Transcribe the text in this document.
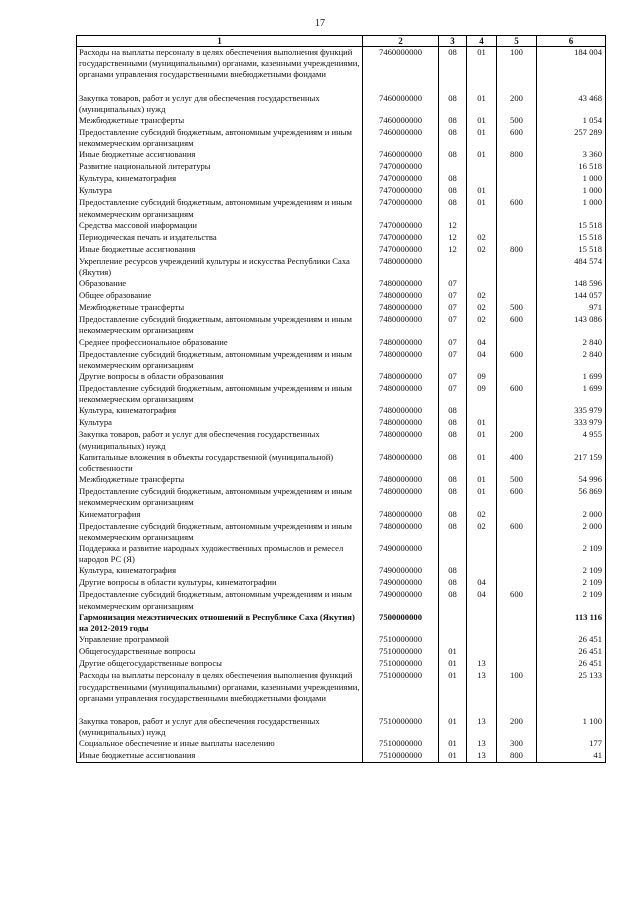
17
1	2	3	4	5	6
Расходы на выплаты персоналу в целях обеспечения выполнения функций государственными (муниципальными) органами, казенными учреждениями, органами управления государственными внебюджетными фондами	7460000000	08	01	100	184 004

Закупка товаров, работ и услуг для обеспечения государственных (муниципальных) нужд	7460000000	08	01	200	43 468
Межбюджетные трансферты	7460000000	08	01	500	1 054
Предоставление субсидий бюджетным, автономным учреждениям и иным некоммерческим организациям	7460000000	08	01	600	257 289
Иные бюджетные ассигнования	7460000000	08	01	800	3 360
Развитие национальной литературы	7470000000				16 518
Культура, кинематография	7470000000	08			1 000
Культура	7470000000	08	01		1 000
Предоставление субсидий бюджетным, автономным учреждениям и иным некоммерческим организациям	7470000000	08	01	600	1 000
Средства массовой информации	7470000000	12			15 518
Периодическая печать и издательства	7470000000	12	02		15 518
Иные бюджетные ассигнования	7470000000	12	02	800	15 518
Укрепление ресурсов учреждений культуры и искусства Республики Саха (Якутия)	7480000000				484 574
Образование	7480000000	07			148 596
Общее образование	7480000000	07	02		144 057
Межбюджетные трансферты	7480000000	07	02	500	971
Предоставление субсидий бюджетным, автономным учреждениям и иным некоммерческим организациям	7480000000	07	02	600	143 086
Среднее профессиональное образование	7480000000	07	04		2 840
Предоставление субсидий бюджетным, автономным учреждениям и иным некоммерческим организациям	7480000000	07	04	600	2 840
Другие вопросы в области образования	7480000000	07	09		1 699
Предоставление субсидий бюджетным, автономным учреждениям и иным некоммерческим организациям	7480000000	07	09	600	1 699
Культура, кинематография	7480000000	08			335 979
Культура	7480000000	08	01		333 979
Закупка товаров, работ и услуг для обеспечения государственных (муниципальных) нужд	7480000000	08	01	200	4 955
Капитальные вложения в объекты государственной (муниципальной) собственности	7480000000	08	01	400	217 159
Межбюджетные трансферты	7480000000	08	01	500	54 996
Предоставление субсидий бюджетным, автономным учреждениям и иным некоммерческим организациям	7480000000	08	01	600	56 869
Кинематография	7480000000	08	02		2 000
Предоставление субсидий бюджетным, автономным учреждениям и иным некоммерческим организациям	7480000000	08	02	600	2 000
Поддержка и развитие народных художественных промыслов и ремесел народов РС (Я)	7490000000				2 109
Культура, кинематография	7490000000	08			2 109
Другие вопросы в области культуры, кинематографии	7490000000	08	04		2 109
Предоставление субсидий бюджетным, автономным учреждениям и иным некоммерческим организациям	7490000000	08	04	600	2 109
Гармонизация межэтнических отношений в Республике Саха (Якутия) на 2012-2019 годы	7500000000				113 116
Управление программой	7510000000				26 451
Общегосударственные вопросы	7510000000	01			26 451
Другие общегосударственные вопросы	7510000000	01	13		26 451
Расходы на выплаты персоналу в целях обеспечения выполнения функций государственными (муниципальными) органами, казенными учреждениями, органами управления государственными внебюджетными фондами	7510000000	01	13	100	25 133

Закупка товаров, работ и услуг для обеспечения государственных (муниципальных) нужд	7510000000	01	13	200	1 100
Социальное обеспечение и иные выплаты населению	7510000000	01	13	300	177
Иные бюджетные ассигнования	7510000000	01	13	800	41
